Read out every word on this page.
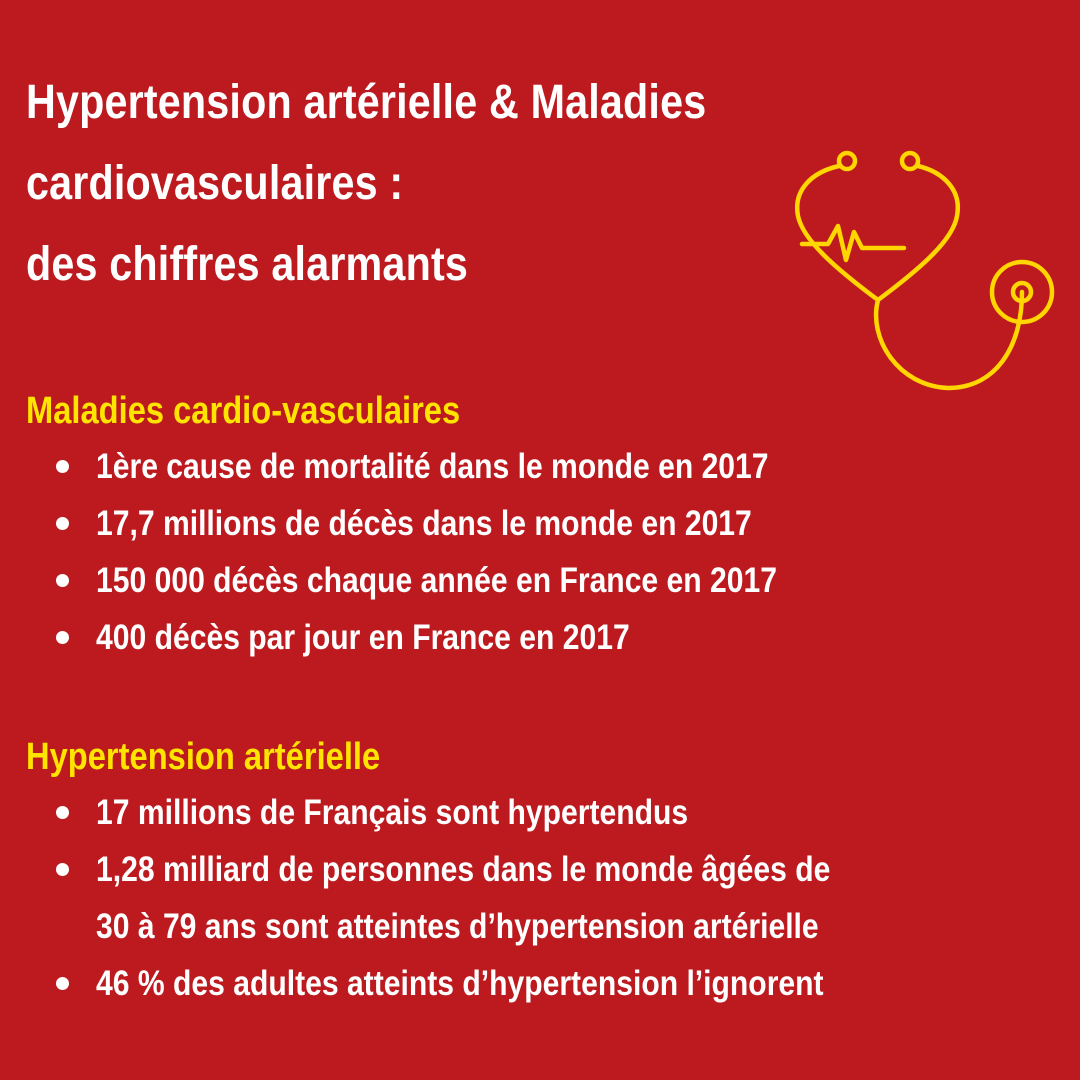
Hypertension artérielle & Maladies
cardiovasculaires :
des chiffres alarmants
Maladies cardio-vasculaires
1ère cause de mortalité dans le monde en 2017
17,7 millions de décès dans le monde en 2017
150 000 décès chaque année en France en 2017
400 décès par jour en France en 2017
Hypertension artérielle
17 millions de Français sont hypertendus
1,28 milliard de personnes dans le monde âgées de
30 à 79 ans sont atteintes d’hypertension artérielle
46 % des adultes atteints d’hypertension l’ignorent
